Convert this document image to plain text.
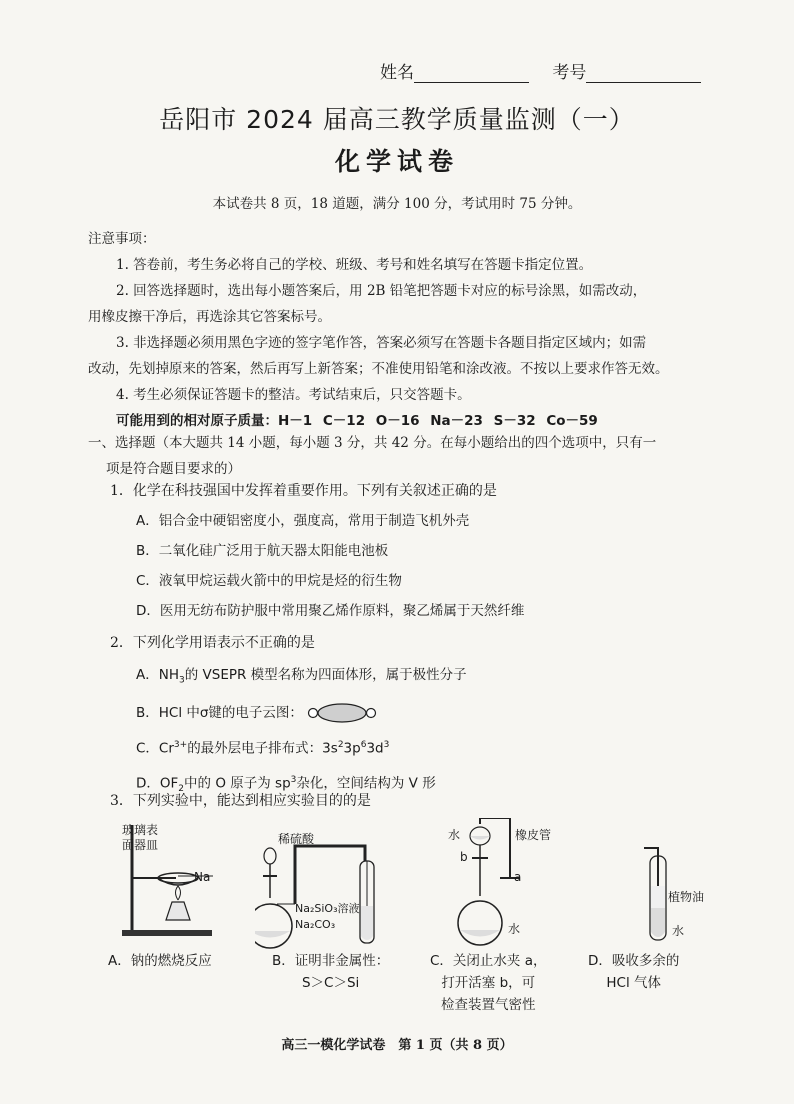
姓名	考号
岳阳市 2024 届高三教学质量监测（一）
化学试卷
本试卷共 8 页，18 道题，满分 100 分，考试用时 75 分钟。
注意事项：
1. 答卷前，考生务必将自己的学校、班级、考号和姓名填写在答题卡指定位置。
2. 回答选择题时，选出每小题答案后，用 2B 铅笔把答题卡对应的标号涂黑，如需改动，
用橡皮擦干净后，再选涂其它答案标号。
3. 非选择题必须用黑色字迹的签字笔作答，答案必须写在答题卡各题目指定区域内；如需
改动，先划掉原来的答案，然后再写上新答案；不准使用铅笔和涂改液。不按以上要求作答无效。
4. 考生必须保证答题卡的整洁。考试结束后，只交答题卡。
可能用到的相对原子质量：H－1 C－12 O－16 Na－23 S－32 Co－59
一、选择题（本大题共 14 小题，每小题 3 分，共 42 分。在每小题给出的四个选项中，只有一
项是符合题目要求的）
1．化学在科技强国中发挥着重要作用。下列有关叙述正确的是
A．铝合金中硬铝密度小，强度高，常用于制造飞机外壳
B．二氧化硅广泛用于航天器太阳能电池板
C．液氧甲烷运载火箭中的甲烷是烃的衍生物
D．医用无纺布防护服中常用聚乙烯作原料，聚乙烯属于天然纤维
2．下列化学用语表示不正确的是
A．$NH_3$的 VSEPR 模型名称为四面体形，属于极性分子
B．HCl 中σ键的电子云图：
C．$Cr^{3+}$的最外层电子排布式：$3s^23p^63d^3$
D．$OF_2$中的 O 原子为 $sp^3$杂化，空间结构为 V 形
3．下列实验中，能达到相应实验目的的是
玻璃表
面器皿
Na
A．钠的燃烧反应
稀硫酸
Na₂SiO₃溶液
Na₂CO₃
B．证明非金属性：
S＞C＞Si
水	橡皮管
b
a
水
C．关闭止水夹 a，
打开活塞 b，可
检查装置气密性
植物油
水
D．吸收多余的
HCl 气体
高三一模化学试卷　第 1 页（共 8 页）
